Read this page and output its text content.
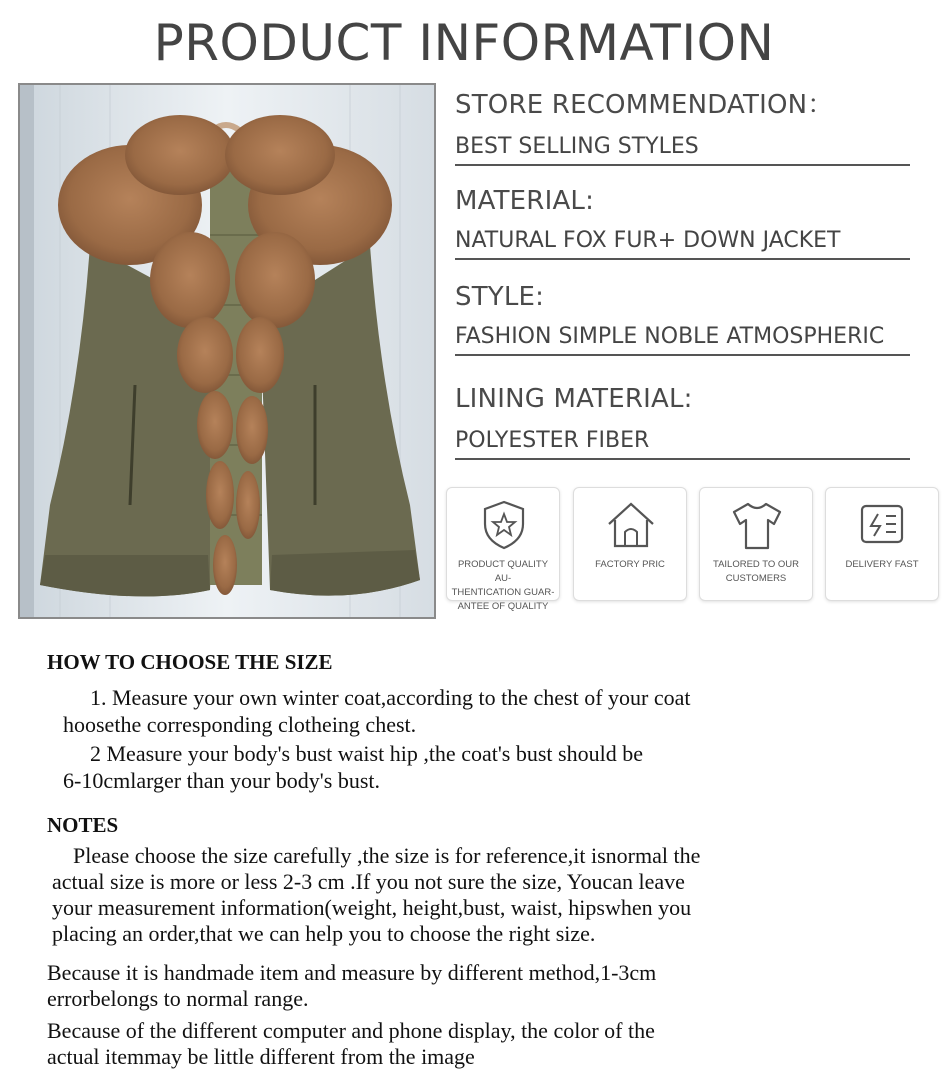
PRODUCT INFORMATION
STORE RECOMMENDATION：
BEST SELLING STYLES
MATERIAL:
NATURAL FOX FUR+ DOWN JACKET
STYLE:
FASHION SIMPLE NOBLE ATMOSPHERIC
LINING MATERIAL:
POLYESTER FIBER
PRODUCT QUALITY AU-
THENTICATION GUAR-
ANTEE OF QUALITY
FACTORY PRIC	TAILORED TO OUR
CUSTOMERS
DELIVERY FAST
HOW TO CHOOSE THE SIZE
1. Measure your own winter coat,according to the chest of your coat
hoosethe corresponding clotheing chest.
2 Measure your body's bust waist hip ,the coat's bust should be
6-10cmlarger than your body's bust.
NOTES
Please choose the size carefully ,the size is for reference,it isnormal the
actual size is more or less 2-3 cm .If you not sure the size, Youcan leave
your measurement information(weight, height,bust, waist, hipswhen you
placing an order,that we can help you to choose the right size.
Because it is handmade item and measure by different method,1-3cm
errorbelongs to normal range.
Because of the different computer and phone display, the color of the
actual itemmay be little different from the image
